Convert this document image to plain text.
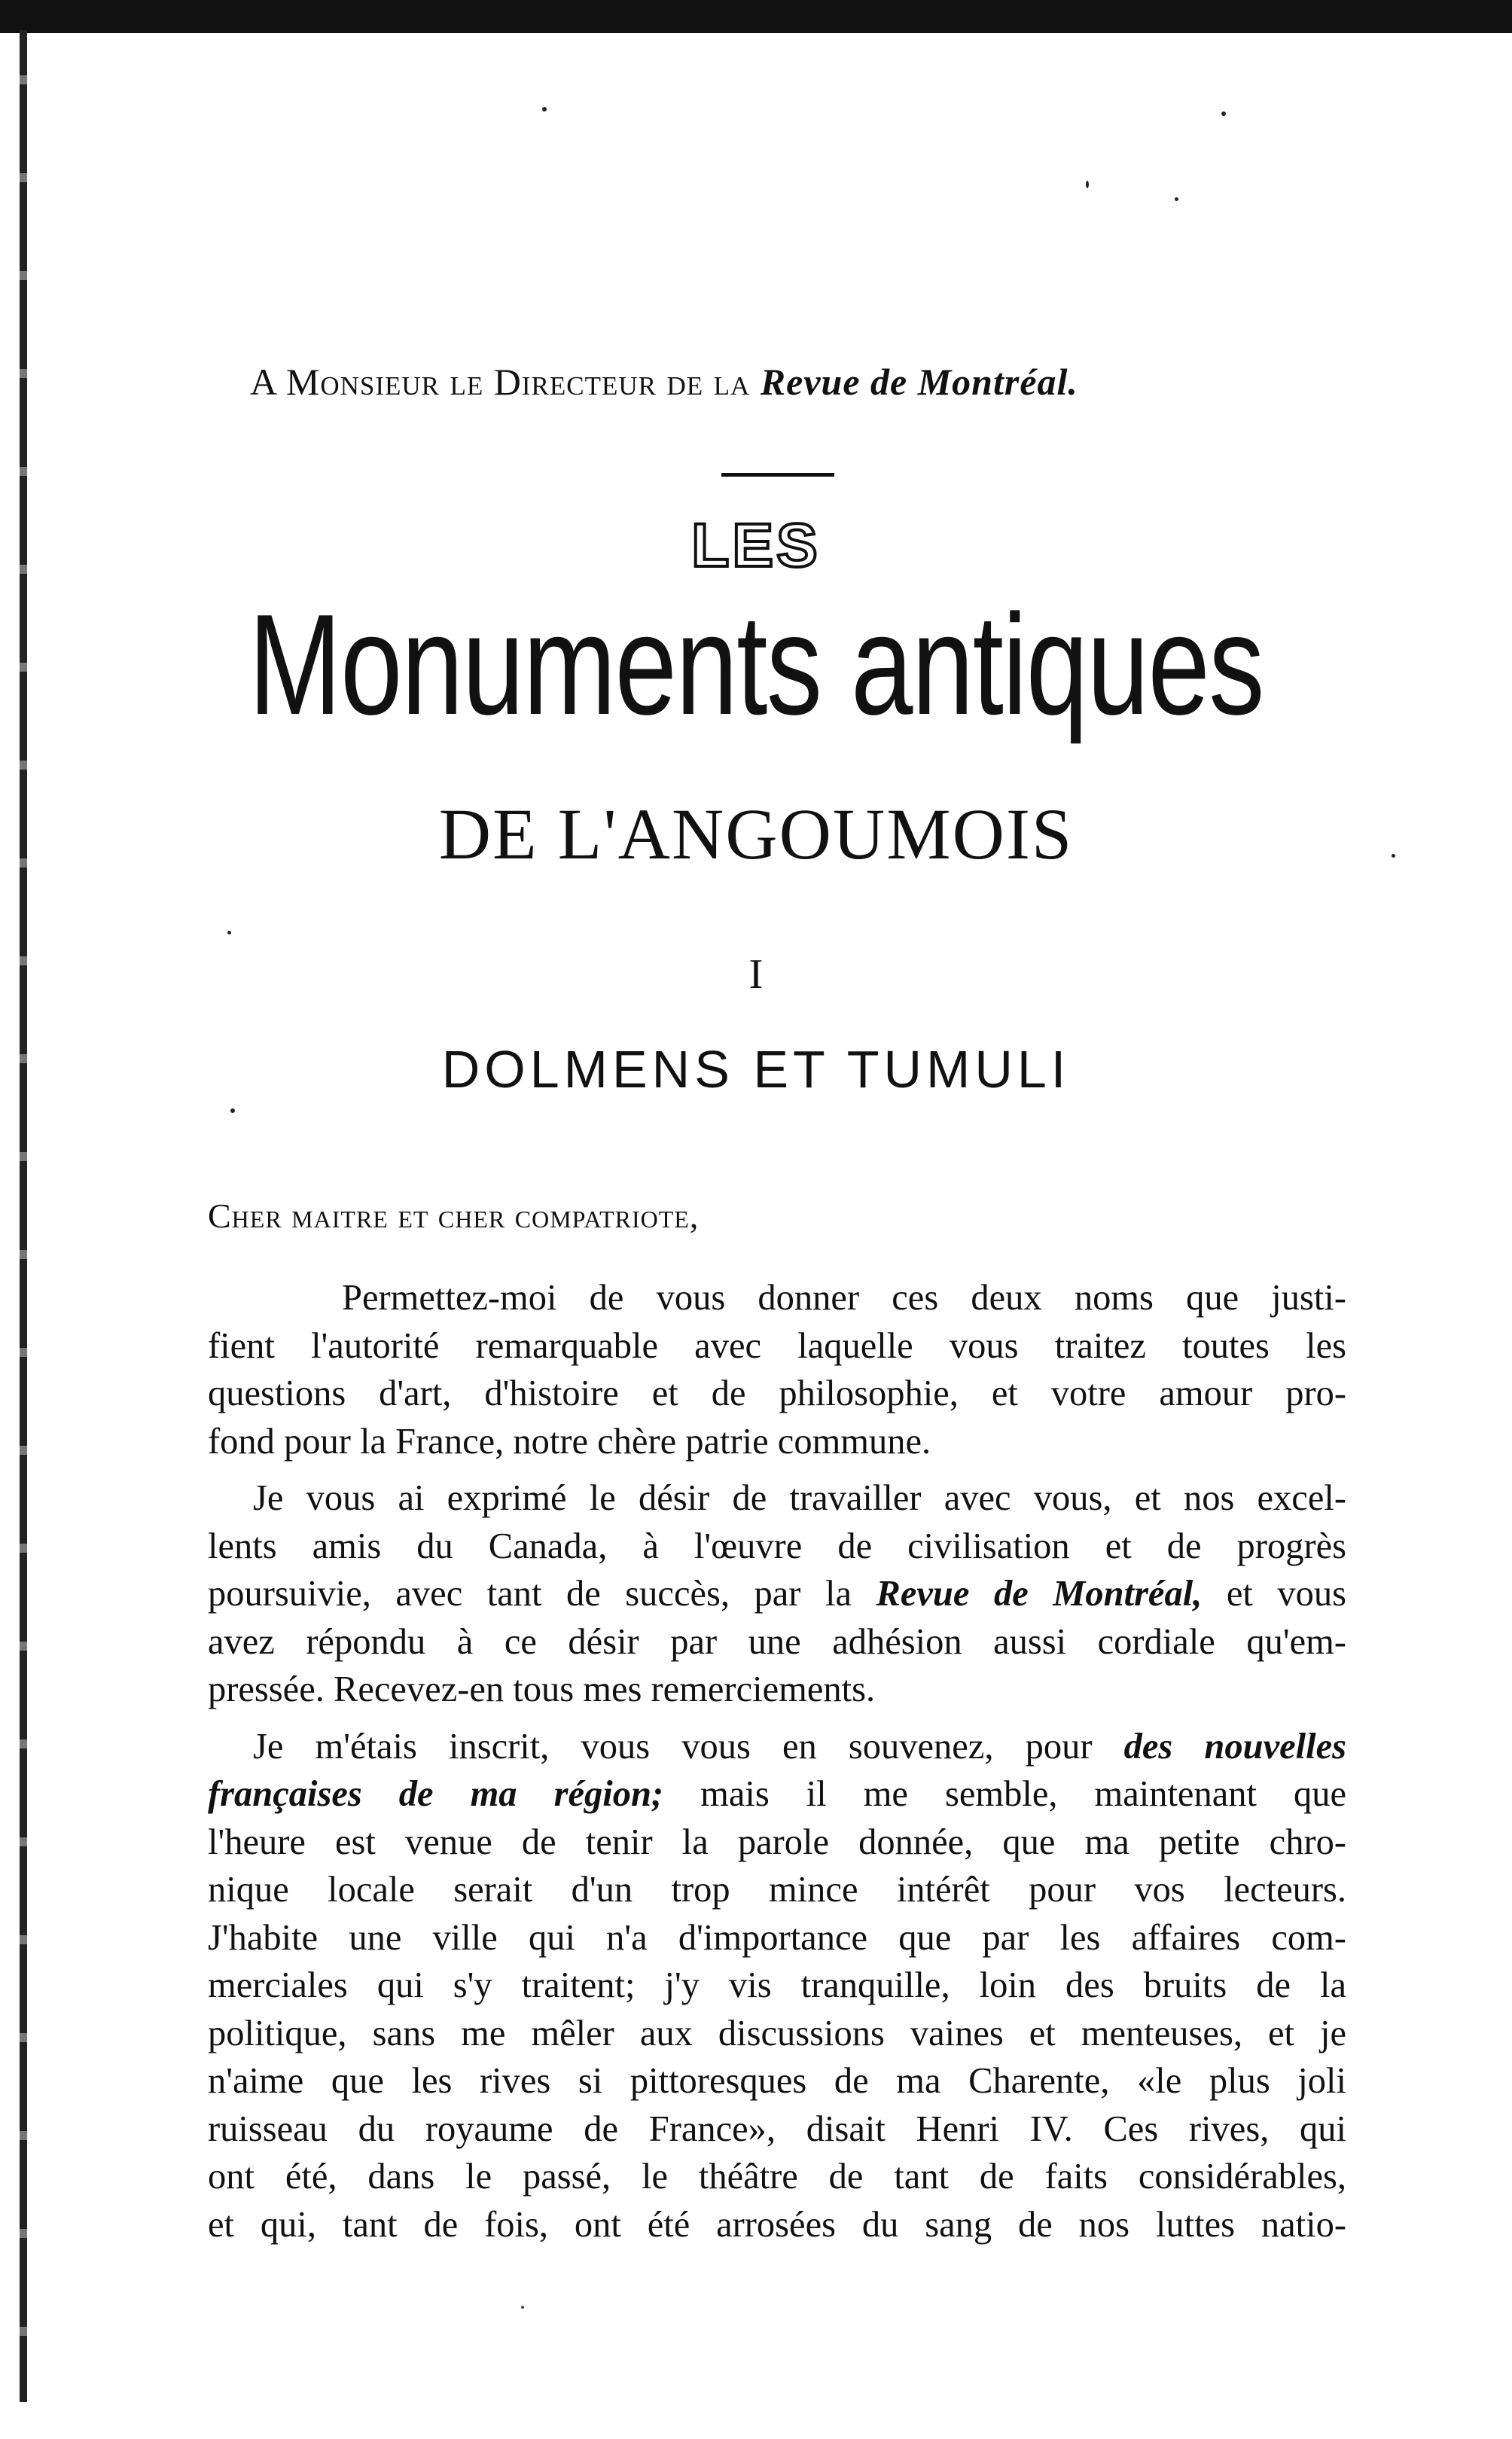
A Monsieur le Directeur de la Revue de Montréal.
LES
Monuments antiques
DE L'ANGOUMOIS
I
DOLMENS ET TUMULI
Cher maitre et cher compatriote,

Permettez-moi de vous donner ces deux noms que justi-
fient l'autorité remarquable avec laquelle vous traitez toutes les
questions d'art, d'histoire et de philosophie, et votre amour pro-
fond pour la France, notre chère patrie commune.

Je vous ai exprimé le désir de travailler avec vous, et nos excel-
lents amis du Canada, à l'œuvre de civilisation et de progrès
poursuivie, avec tant de succès, par la Revue de Montréal, et vous
avez répondu à ce désir par une adhésion aussi cordiale qu'em-
pressée. Recevez-en tous mes remerciements.

Je m'étais inscrit, vous vous en souvenez, pour des nouvelles
françaises de ma région; mais il me semble, maintenant que
l'heure est venue de tenir la parole donnée, que ma petite chro-
nique locale serait d'un trop mince intérêt pour vos lecteurs.
J'habite une ville qui n'a d'importance que par les affaires com-
merciales qui s'y traitent; j'y vis tranquille, loin des bruits de la
politique, sans me mêler aux discussions vaines et menteuses, et je
n'aime que les rives si pittoresques de ma Charente, «le plus joli
ruisseau du royaume de France», disait Henri IV. Ces rives, qui
ont été, dans le passé, le théâtre de tant de faits considérables,
et qui, tant de fois, ont été arrosées du sang de nos luttes natio-
